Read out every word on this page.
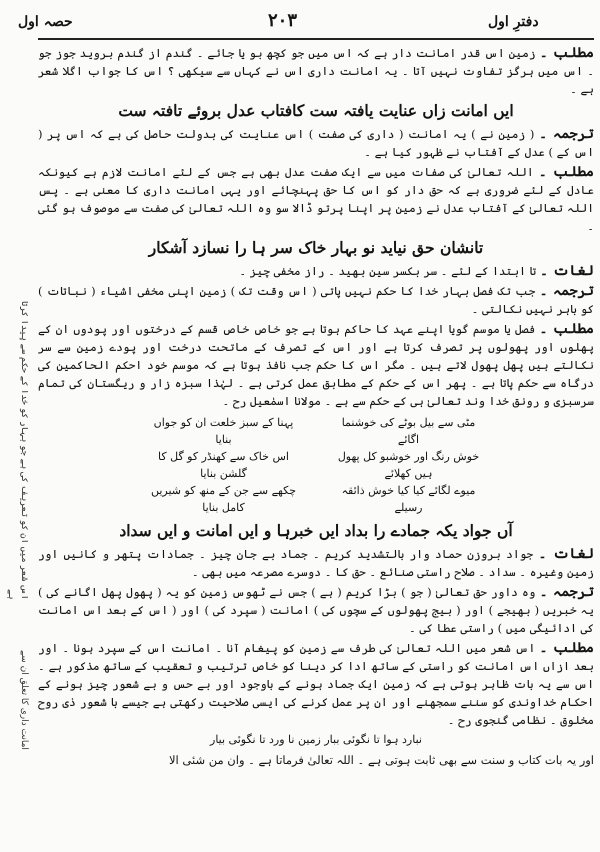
حصہ اول	۲۰۳	دفترِ اول
اس شعر میں ان کو تعریف کی ہے جو بہار کو خدا کے حکم سے پیدا کرتا ہے
امانت داری کا تعلق ان سے

مطلب ۔ زمین اس قدر امانت دار ہے کہ اس میں جو کچھ بو یا جائے ۔ گندم از گندم بروید جوز جو ۔ اس میں ہرگز تفاوت نہیں آتا ۔ یہ امانت داری اس نے کہاں سے سیکھی ؟ اس کا جواب اگلا شعر ہے ۔

ایں امانت زاں عنایت یافتہ ست کافتاب عدل بروئے تافتہ ست

ترجمہ ۔ ( زمین نے ) یہ امانت ( داری کی صفت ) اس عنایت کی بدولت حاصل کی ہے کہ اس پر ( اس کے ) عدل کے آفتاب نے ظہور کیا ہے ۔

مطلب ۔ اللہ تعالیٰ کی صفات میں سے ایک صفت عدل بھی ہے جس کے لئے امانت لازم ہے کیونکہ عادل کے لئے ضروری ہے کہ حق دار کو اس کا حق پہنچائے اور یہی امانت داری کا معنی ہے ۔ پس اللہ تعالیٰ کے آفتاب عدل نے زمین پر اپنا پرتو ڈالا سو وہ اللہ تعالیٰ کی صفت سے موصوف ہو گئی ۔

تانشان حق نیاید نو بہار خاک سر ہا را نسازد آشکار

لغات ۔ تا ابتدا کے لئے ۔ سر بکسر سین بھید ۔ راز مخفی چیز ۔

ترجمہ ۔ جب تک فصل بہار خدا کا حکم نہیں پاتی ( اس وقت تک ) زمین اپنی مخفی اشیاء ( نباتات ) کو باہر نہیں نکالتی ۔

مطلب ۔ فصل یا موسم گویا اپنے عہد کا حاکم ہوتا ہے جو خاص خاص قسم کے درختوں اور پودوں ان کے پھلوں اور پھولوں پر تصرف کرتا ہے اور اس کے تصرف کے ماتحت درخت اور پودے زمین سے سر نکالتے ہیں پھل پھول لاتے ہیں ۔ مگر اس کا حکم جب نافذ ہوتا ہے کہ موسم خود احکم الحاکمین کی درگاہ سے حکم پاتا ہے ۔ پھر اس کے حکم کے مطابق عمل کرتی ہے ۔ لہٰذا سبزہ زار و ریگستان کی تمام سرسبزی و رونق خدا وند تعالیٰ ہی کے حکم سے ہے ۔ مولانا اسمٰعیل رح ۔

مٹی سے بیل بوٹے کی خوشنما اگائے
پہنا کے سبز خلعت ان کو جواں بنایا
خوش رنگ اور خوشبو کل پھول ہیں کھلائے
اس خاک سے کھنڈر کو گل کا گلشن بنایا
میوے لگائے کیا کیا خوش ذائقہ رسیلے
چکھے سے جن کے منھ کو شیریں کامل بنایا
آں جواد یکہ جمادے را بداد ایں خبرہا و ایں امانت و ایں سداد

لغات ۔ جواد بروزن حماد وار بالتشدید کریم ۔ جماد بے جان چیز ۔ جمادات پتھر و کانیں اور زمین وغیرہ ۔ سداد ۔ صلاح راستی صنائع ۔ حق کا ۔ دوسرے مصرعہ میں بھی ۔

ترجمہ ۔ وہ داور حق تعالیٰ ( جو ) بڑا کریم ( ہے ) جس نے ٹھوس زمین کو یہ ( پھول پھل اگانے کی ) یہ خبریں ( بھیجے ) اور ( بیج پھولوں کے سچوں کی ) امانت ( سپرد کی ) اور ( اس کے بعد اس امانت کی ادائیگی میں ) راستی عطا کی ۔

مطلب ۔ اس شعر میں اللہ تعالیٰ کی طرف سے زمین کو پیغام آنا ۔ امانت اس کے سپرد ہونا ۔ اور بعد ازاں اس امانت کو راستی کے ساتھ ادا کر دینا کو خاص ترتیب و تعقیب کے ساتھ مذکور ہے ۔ اس سے یہ بات ظاہر ہوتی ہے کہ زمین ایک جماد ہونے کے باوجود اور بے حس و بے شعور چیز ہونے کے احکام خداوندی کو سننے سمجھنے اور ان پر عمل کرنے کی ایسی صلاحیت رکھتی ہے جیسے با شعور ذی روح مخلوق ۔ نظامی گنجوی رح ۔

نبارد ہوا تا نگوئی ببار زمین نا ورد تا نگوئی بیار

اور یہ بات کتاب و سنت سے بھی ثابت ہوتی ہے ۔ اللہ تعالیٰ فرماتا ہے ۔ وان من شئی الا
